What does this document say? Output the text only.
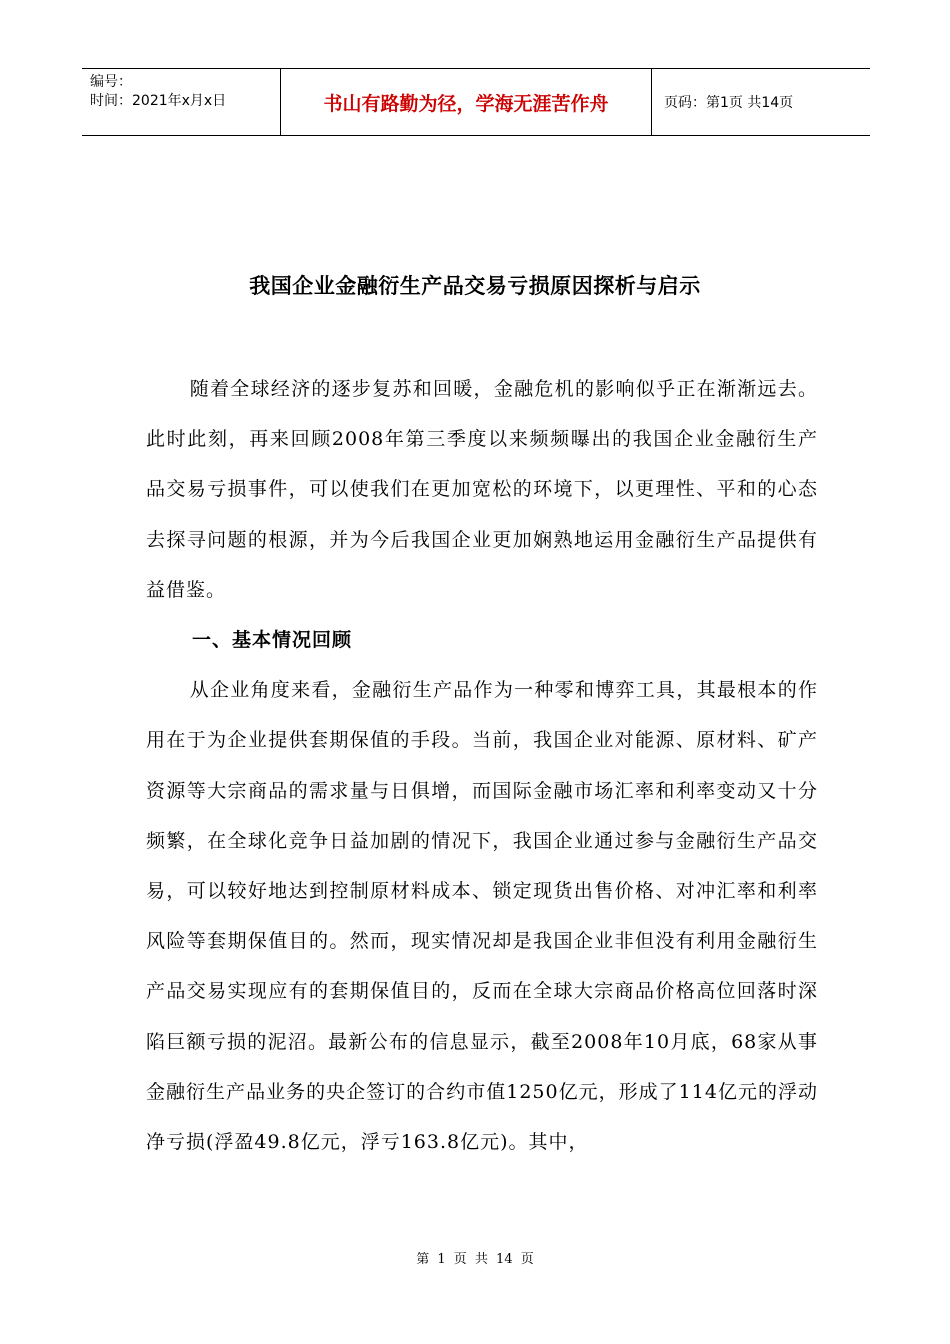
编号：
时间：2021年x月x日	书山有路勤为径，学海无涯苦作舟	页码：第1页 共14页
我国企业金融衍生产品交易亏损原因探析与启示

随着全球经济的逐步复苏和回暖，金融危机的影响似乎正在渐渐远去。此时此刻，再来回顾2008年第三季度以来频频曝出的我国企业金融衍生产品交易亏损事件，可以使我们在更加宽松的环境下，以更理性、平和的心态去探寻问题的根源，并为今后我国企业更加娴熟地运用金融衍生产品提供有益借鉴。

一、基本情况回顾

从企业角度来看，金融衍生产品作为一种零和博弈工具，其最根本的作用在于为企业提供套期保值的手段。当前，我国企业对能源、原材料、矿产资源等大宗商品的需求量与日俱增，而国际金融市场汇率和利率变动又十分频繁，在全球化竞争日益加剧的情况下，我国企业通过参与金融衍生产品交易，可以较好地达到控制原材料成本、锁定现货出售价格、对冲汇率和利率风险等套期保值目的。然而，现实情况却是我国企业非但没有利用金融衍生产品交易实现应有的套期保值目的，反而在全球大宗商品价格高位回落时深陷巨额亏损的泥沼。最新公布的信息显示，截至2008年10月底，68家从事金融衍生产品业务的央企签订的合约市值1250亿元，形成了114亿元的浮动净亏损(浮盈49.8亿元，浮亏163.8亿元)。其中，

第 1 页 共 14 页
